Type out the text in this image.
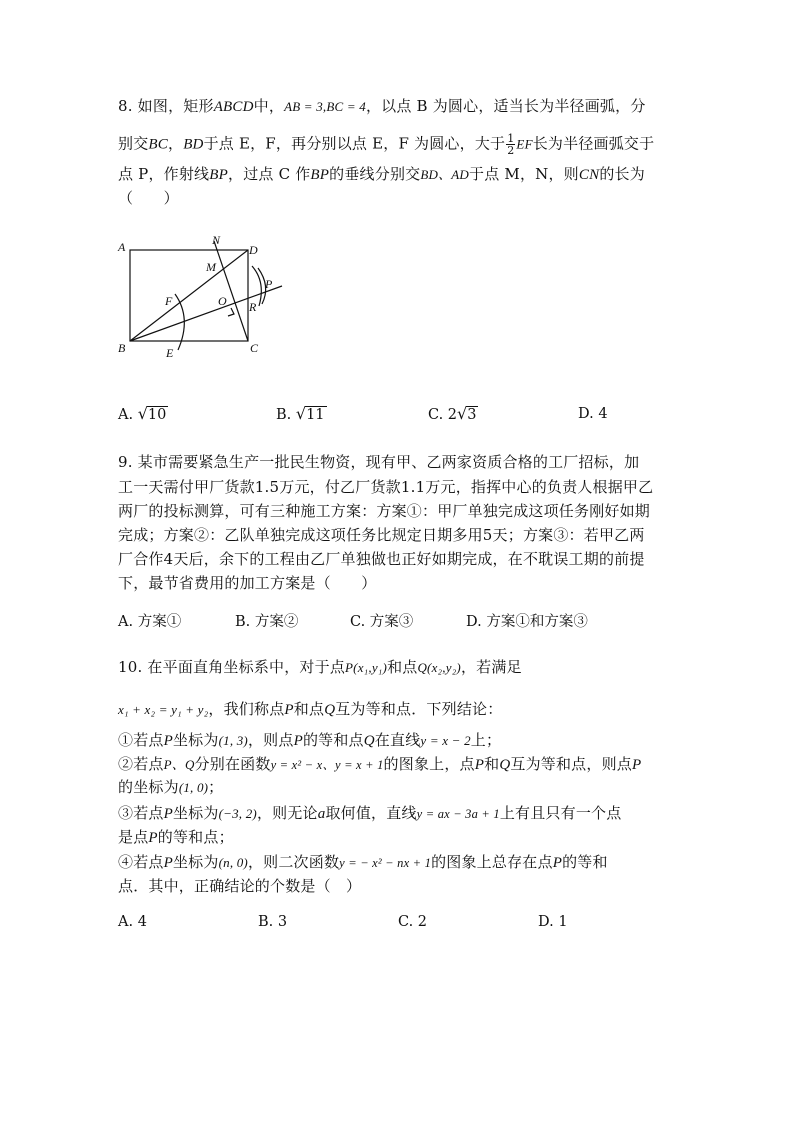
8. 如图，矩形ABCD中，AB = 3,BC = 4，以点 B 为圆心，适当长为半径画弧，分
别交BC，BD于点 E，F，再分别以点 E，F 为圆心，大于 $\frac{1}{2}$ EF长为半径画弧交于
点 P，作射线BP，过点 C 作BP的垂线分别交BD、AD于点 M，N，则CN的长为
（　　）
A	N
D
M
P
F	O R
B	E	C
A. √10	B. √11	C. 2√3	D. 4
9. 某市需要紧急生产一批民生物资，现有甲、乙两家资质合格的工厂招标，加
工一天需付甲厂货款1.5万元，付乙厂货款1.1万元，指挥中心的负责人根据甲乙
两厂的投标测算，可有三种施工方案：方案①：甲厂单独完成这项任务刚好如期
完成；方案②：乙队单独完成这项任务比规定日期多用5天；方案③：若甲乙两
厂合作4天后，余下的工程由乙厂单独做也正好如期完成，在不耽误工期的前提
下，最节省费用的加工方案是（　　）
A. 方案①	B. 方案②	C. 方案③	D. 方案①和方案③
10. 在平面直角坐标系中，对于点P(x₁,y₁)和点Q(x₂,y₂)，若满足
x₁ + x₂ = y₁ + y₂，我们称点P和点Q互为等和点．下列结论：
①若点P坐标为(1, 3)，则点P的等和点Q在直线y = x − 2上；
②若点P、Q分别在函数y = x² − x、y = x + 1的图象上，点P和Q互为等和点，则点P
的坐标为(1, 0)；
③若点P坐标为(−3, 2)，则无论a取何值，直线y = ax − 3a + 1上有且只有一个点
是点P的等和点；
④若点P坐标为(n, 0)，则二次函数y = − x² − nx + 1的图象上总存在点P的等和
点．其中，正确结论的个数是（　）
A. 4	B. 3	C. 2	D. 1
